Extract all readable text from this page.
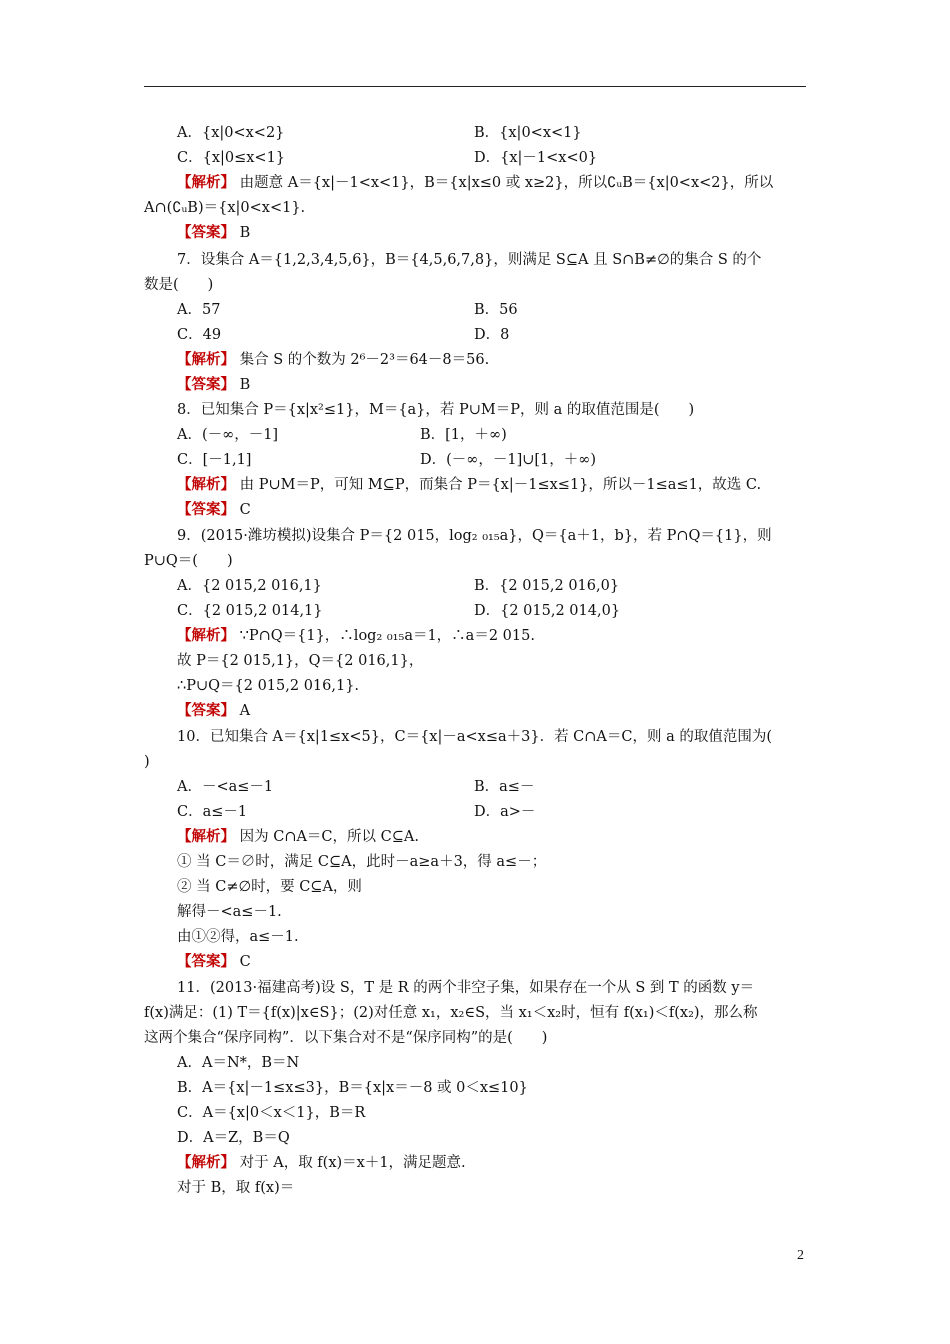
A．{x|0<x<2}	B．{x|0<x<1}
C．{x|0≤x<1}	D．{x|－1<x<0}
【解析】 由题意 A＝{x|－1<x<1}，B＝{x|x≤0 或 x≥2}，所以∁ᵤB＝{x|0<x<2}，所以
A∩(∁ᵤB)＝{x|0<x<1}.
【答案】 B
7．设集合 A＝{1,2,3,4,5,6}，B＝{4,5,6,7,8}，则满足 S⊆A 且 S∩B≠∅的集合 S 的个
数是(　　)
A．57	B．56
C．49	D．8
【解析】 集合 S 的个数为 2⁶－2³＝64－8＝56.
【答案】 B
8．已知集合 P＝{x|x²≤1}，M＝{a}，若 P∪M＝P，则 a 的取值范围是(　　)
A．(－∞，－1]	B．[1，＋∞)
C．[－1,1]	D．(－∞，－1]∪[1，＋∞)
【解析】 由 P∪M＝P，可知 M⊆P，而集合 P＝{x|－1≤x≤1}，所以－1≤a≤1，故选 C.
【答案】 C
9．(2015·潍坊模拟)设集合 P＝{2 015，log₂ ₀₁₅a}，Q＝{a＋1，b}，若 P∩Q＝{1}，则
P∪Q＝(　　)
A．{2 015,2 016,1}	B．{2 015,2 016,0}
C．{2 015,2 014,1}	D．{2 015,2 014,0}
【解析】 ∵P∩Q＝{1}，∴log₂ ₀₁₅a＝1，∴a＝2 015.
故 P＝{2 015,1}，Q＝{2 016,1}，
∴P∪Q＝{2 015,2 016,1}.
【答案】 A
10．已知集合 A＝{x|1≤x<5}，C＝{x|－a<x≤a＋3}．若 C∩A＝C，则 a 的取值范围为(
)
A．－<a≤－1	B．a≤－
C．a≤－1	D．a>－
【解析】 因为 C∩A＝C，所以 C⊆A.
① 当 C＝∅时，满足 C⊆A，此时－a≥a＋3，得 a≤－；
② 当 C≠∅时，要 C⊆A，则
解得－<a≤－1.
由①②得，a≤－1.
【答案】 C
11．(2013·福建高考)设 S，T 是 R 的两个非空子集，如果存在一个从 S 到 T 的函数 y＝
f(x)满足：(1) T＝{f(x)|x∈S}；(2)对任意 x₁，x₂∈S，当 x₁＜x₂时，恒有 f(x₁)＜f(x₂)，那么称
这两个集合“保序同构”．以下集合对不是“保序同构”的是(　　)
A．A＝N*，B＝N
B．A＝{x|－1≤x≤3}，B＝{x|x＝－8 或 0＜x≤10}
C．A＝{x|0＜x＜1}，B＝R
D．A＝Z，B＝Q
【解析】 对于 A，取 f(x)＝x＋1，满足题意.
对于 B，取 f(x)＝
2
